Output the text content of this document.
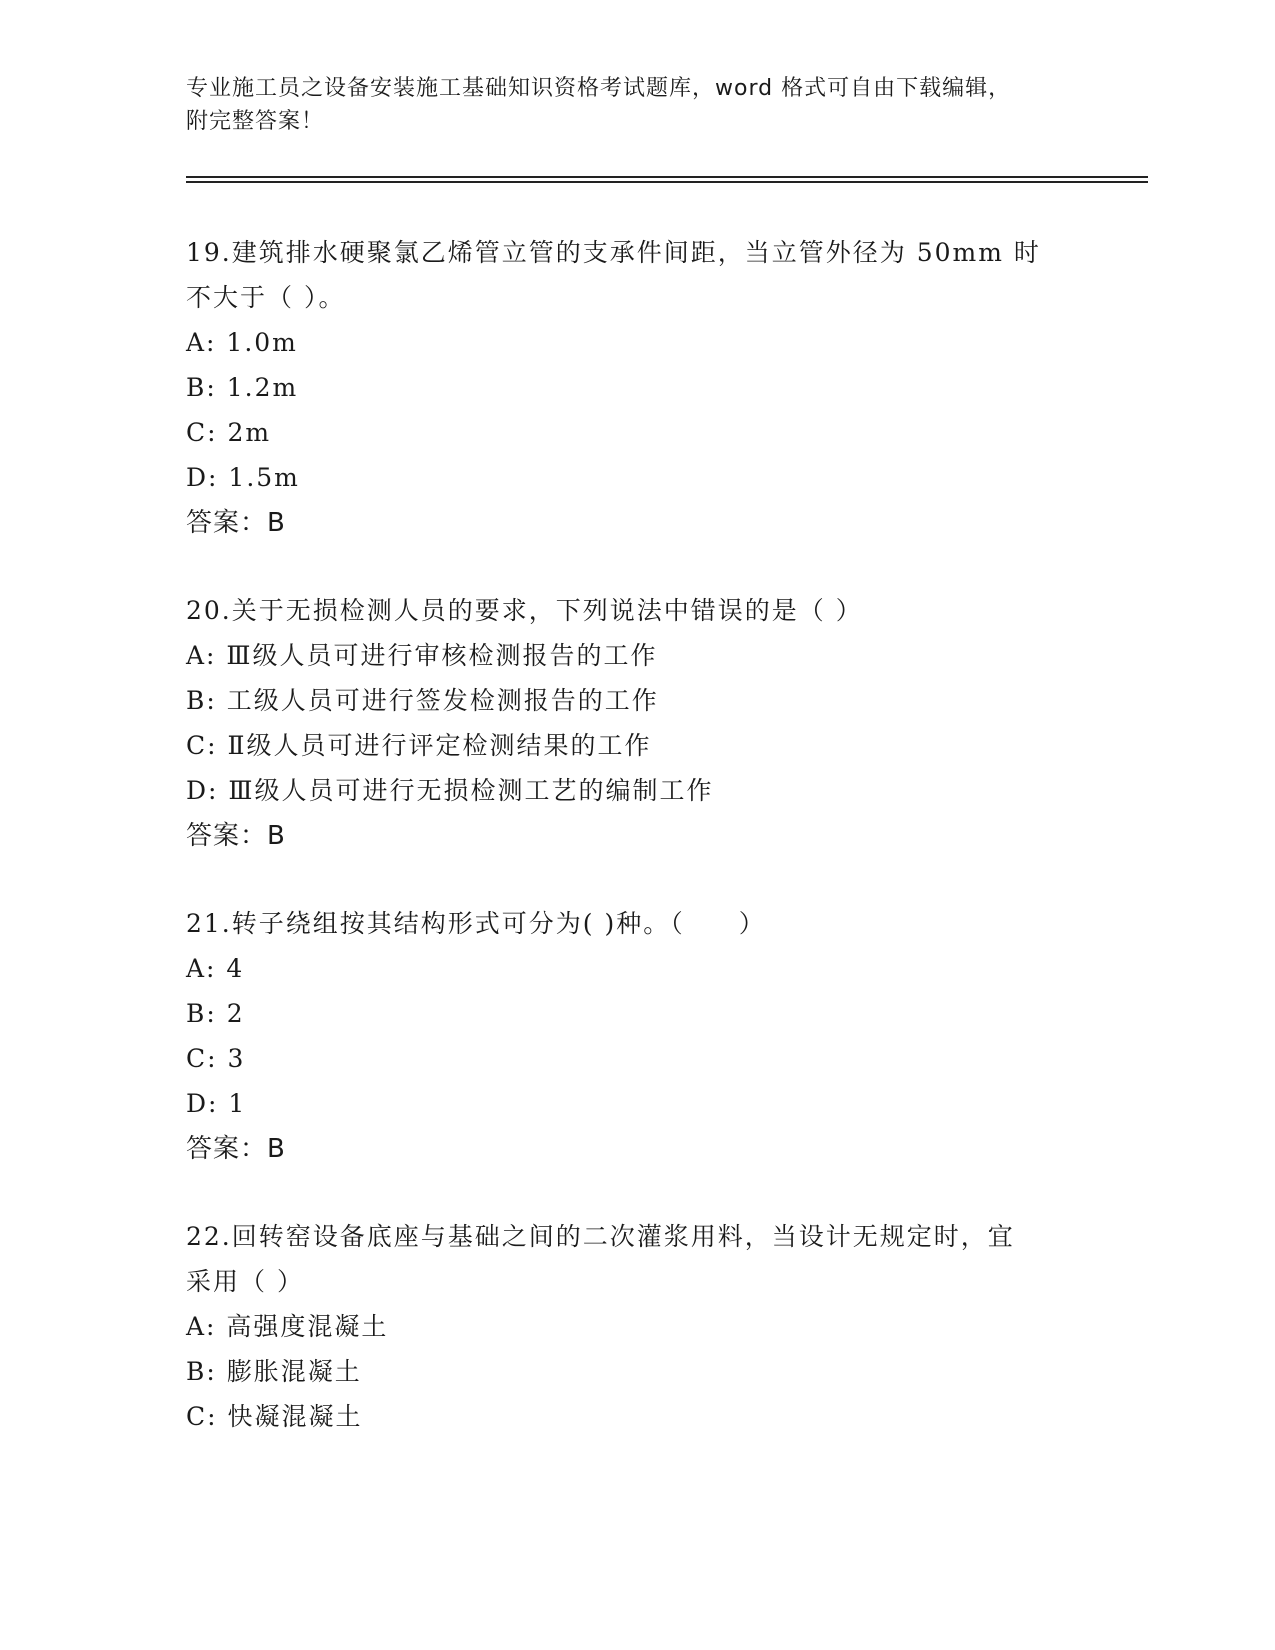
专业施工员之设备安装施工基础知识资格考试题库，word 格式可自由下载编辑，
附完整答案！

19.建筑排水硬聚氯乙烯管立管的支承件间距，当立管外径为 50mm 时

不大于（ ）。

A: 1.0m

B: 1.2m

C: 2m

D: 1.5m

答案：B

20.关于无损检测人员的要求，下列说法中错误的是（ ）

A: Ⅲ级人员可进行审核检测报告的工作

B: 工级人员可进行签发检测报告的工作

C: Ⅱ级人员可进行评定检测结果的工作

D: Ⅲ级人员可进行无损检测工艺的编制工作

答案：B

21.转子绕组按其结构形式可分为( )种。（　　）

A: 4

B: 2

C: 3

D: 1

答案：B

22.回转窑设备底座与基础之间的二次灌浆用料，当设计无规定时，宜

采用（ ）

A: 高强度混凝土

B: 膨胀混凝土

C: 快凝混凝土
